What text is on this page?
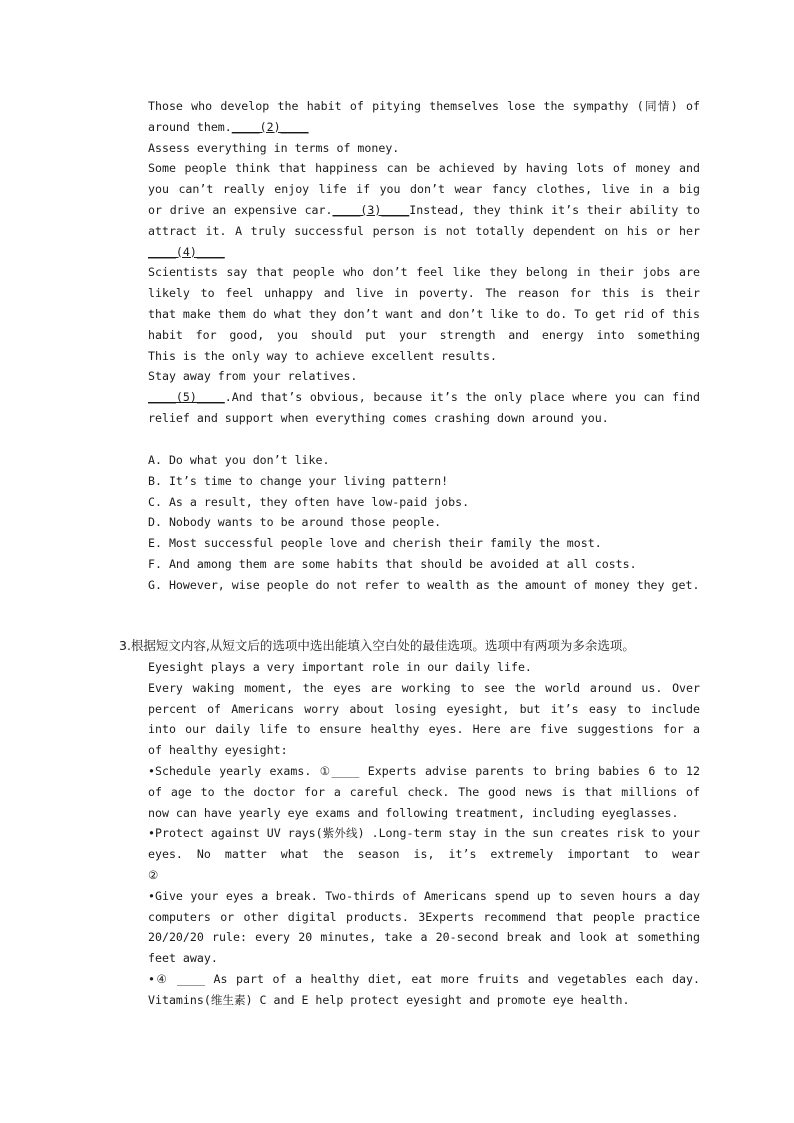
Those who develop the habit of pitying themselves lose the sympathy (同情) of
around them.____(2)____
Assess everything in terms of money.
Some people think that happiness can be achieved by having lots of money and
you can’t really enjoy life if you don’t wear fancy clothes, live in a big
or drive an expensive car.____(3)____Instead, they think it’s their ability to
attract it. A truly successful person is not totally dependent on his or her
____(4)____
Scientists say that people who don’t feel like they belong in their jobs are
likely to feel unhappy and live in poverty. The reason for this is their
that make them do what they don’t want and don’t like to do. To get rid of this
habit for good, you should put your strength and energy into something
This is the only way to achieve excellent results.
Stay away from your relatives.
____(5)____.And that’s obvious, because it’s the only place where you can find
relief and support when everything comes crashing down around you.
A. Do what you don’t like.
B. It’s time to change your living pattern!
C. As a result, they often have low-paid jobs.
D. Nobody wants to be around those people.
E. Most successful people love and cherish their family the most.
F. And among them are some habits that should be avoided at all costs.
G. However, wise people do not refer to wealth as the amount of money they get.
3.根据短文内容,从短文后的选项中选出能填入空白处的最佳选项。选项中有两项为多余选项。
Eyesight plays a very important role in our daily life.
Every waking moment, the eyes are working to see the world around us. Over
percent of Americans worry about losing eyesight, but it’s easy to include
into our daily life to ensure healthy eyes. Here are five suggestions for a
of healthy eyesight:
•Schedule yearly exams. ①____ Experts advise parents to bring babies 6 to 12
of age to the doctor for a careful check. The good news is that millions of
now can have yearly eye exams and following treatment, including eyeglasses.
•Protect against UV rays(紫外线) .Long-term stay in the sun creates risk to your
eyes. No matter what the season is, it’s extremely important to wear
②
•Give your eyes a break. Two-thirds of Americans spend up to seven hours a day
computers or other digital products. 3Experts recommend that people practice
20/20/20 rule: every 20 minutes, take a 20-second break and look at something
feet away.
•④ ____ As part of a healthy diet, eat more fruits and vegetables each day.
Vitamins(维生素) C and E help protect eyesight and promote eye health.
